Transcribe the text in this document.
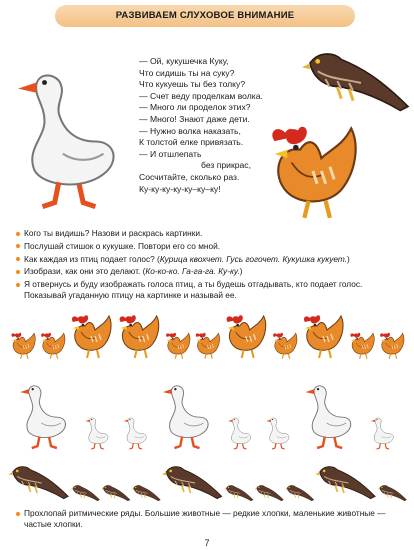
РАЗВИВАЕМ СЛУХОВОЕ ВНИМАНИЕ
— Ой, кукушечка Куку,
Что сидишь ты на суку?
Что кукуешь ты без толку?
— Счет веду проделкам волка.
— Много ли проделок этих?
— Много! Знают даже дети.
— Нужно волка наказать,
К толстой елке привязать.
— И отшлепать
без прикрас,
Сосчитайте, сколько раз.
Ку-ку-ку-ку-ку–ку–ку!
Кого ты видишь? Назови и раскрась картинки.
Послушай стишок о кукушке. Повтори его со мной.
Как каждая из птиц подает голос? (Курица квохчет. Гусь гогочет. Кукушка кукует.)
Изобрази, как они это делают. (Ко-ко-ко. Га-га-га. Ку-ку.)
Я отвернусь и буду изображать голоса птиц, а ты будешь отгадывать, кто подает голос. Показывай угаданную птицу на картинке и называй ее.
Прохлопай ритмические ряды. Большие животные — редкие хлопки, маленькие животные — частые хлопки.
7
